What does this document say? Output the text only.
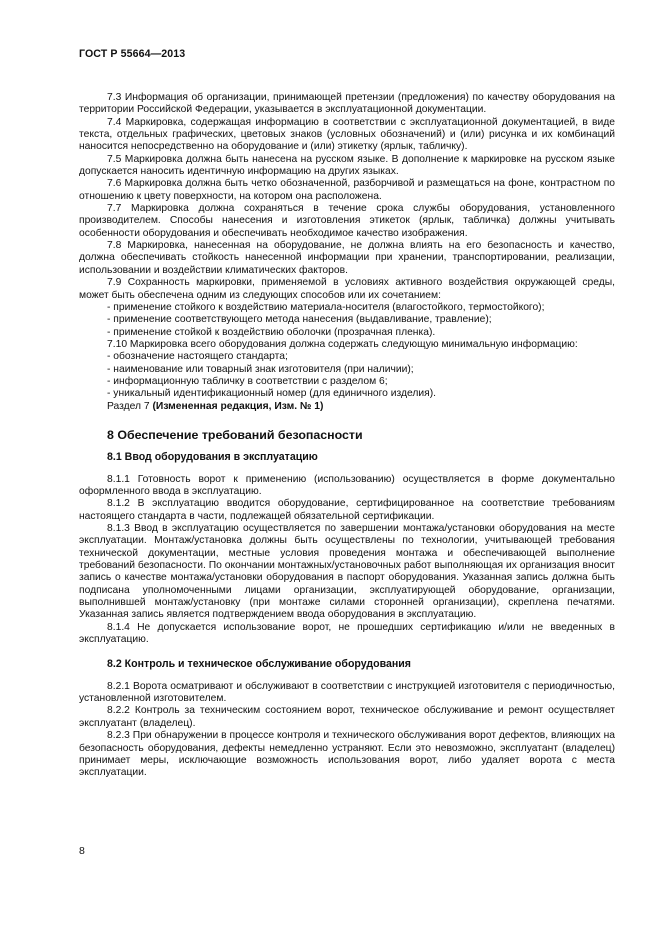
ГОСТ Р 55664—2013

7.3 Информация об организации, принимающей претензии (предложения) по качеству оборудования на территории Российской Федерации, указывается в эксплуатационной документации.

7.4 Маркировка, содержащая информацию в соответствии с эксплуатационной документацией, в виде текста, отдельных графических, цветовых знаков (условных обозначений) и (или) рисунка и их комбинаций наносится непосредственно на оборудование и (или) этикетку (ярлык, табличку).

7.5 Маркировка должна быть нанесена на русском языке. В дополнение к маркировке на русском языке допускается наносить идентичную информацию на других языках.

7.6 Маркировка должна быть четко обозначенной, разборчивой и размещаться на фоне, контрастном по отношению к цвету поверхности, на котором она расположена.

7.7 Маркировка должна сохраняться в течение срока службы оборудования, установленного производителем. Способы нанесения и изготовления этикеток (ярлык, табличка) должны учитывать особенности оборудования и обеспечивать необходимое качество изображения.

7.8 Маркировка, нанесенная на оборудование, не должна влиять на его безопасность и качество, должна обеспечивать стойкость нанесенной информации при хранении, транспортировании, реализации, использовании и воздействии климатических факторов.

7.9 Сохранность маркировки, применяемой в условиях активного воздействия окружающей среды, может быть обеспечена одним из следующих способов или их сочетанием:

- применение стойкого к воздействию материала-носителя (влагостойкого, термостойкого);

- применение соответствующего метода нанесения (выдавливание, травление);

- применение стойкой к воздействию оболочки (прозрачная пленка).

7.10 Маркировка всего оборудования должна содержать следующую минимальную информацию:

- обозначение настоящего стандарта;

- наименование или товарный знак изготовителя (при наличии);

- информационную табличку в соответствии с разделом 6;

- уникальный идентификационный номер (для единичного изделия).

Раздел 7 (Измененная редакция, Изм. № 1)

8 Обеспечение требований безопасности
8.1 Ввод оборудования в эксплуатацию

8.1.1 Готовность ворот к применению (использованию) осуществляется в форме документально оформленного ввода в эксплуатацию.

8.1.2 В эксплуатацию вводится оборудование, сертифицированное на соответствие требованиям настоящего стандарта в части, подлежащей обязательной сертификации.

8.1.3 Ввод в эксплуатацию осуществляется по завершении монтажа/установки оборудования на месте эксплуатации. Монтаж/установка должны быть осуществлены по технологии, учитывающей требования технической документации, местные условия проведения монтажа и обеспечивающей выполнение требований безопасности. По окончании монтажных/установочных работ выполняющая их организация вносит запись о качестве монтажа/установки оборудования в паспорт оборудования. Указанная запись должна быть подписана уполномоченными лицами организации, эксплуатирующей оборудование, организации, выполнившей монтаж/установку (при монтаже силами сторонней организации), скреплена печатями. Указанная запись является подтверждением ввода оборудования в эксплуатацию.

8.1.4 Не допускается использование ворот, не прошедших сертификацию и/или не введенных в эксплуатацию.

8.2 Контроль и техническое обслуживание оборудования

8.2.1 Ворота осматривают и обслуживают в соответствии с инструкцией изготовителя с периодичностью, установленной изготовителем.

8.2.2 Контроль за техническим состоянием ворот, техническое обслуживание и ремонт осуществляет эксплуатант (владелец).

8.2.3 При обнаружении в процессе контроля и технического обслуживания ворот дефектов, влияющих на безопасность оборудования, дефекты немедленно устраняют. Если это невозможно, эксплуатант (владелец) принимает меры, исключающие возможность использования ворот, либо удаляет ворота с места эксплуатации.

8
